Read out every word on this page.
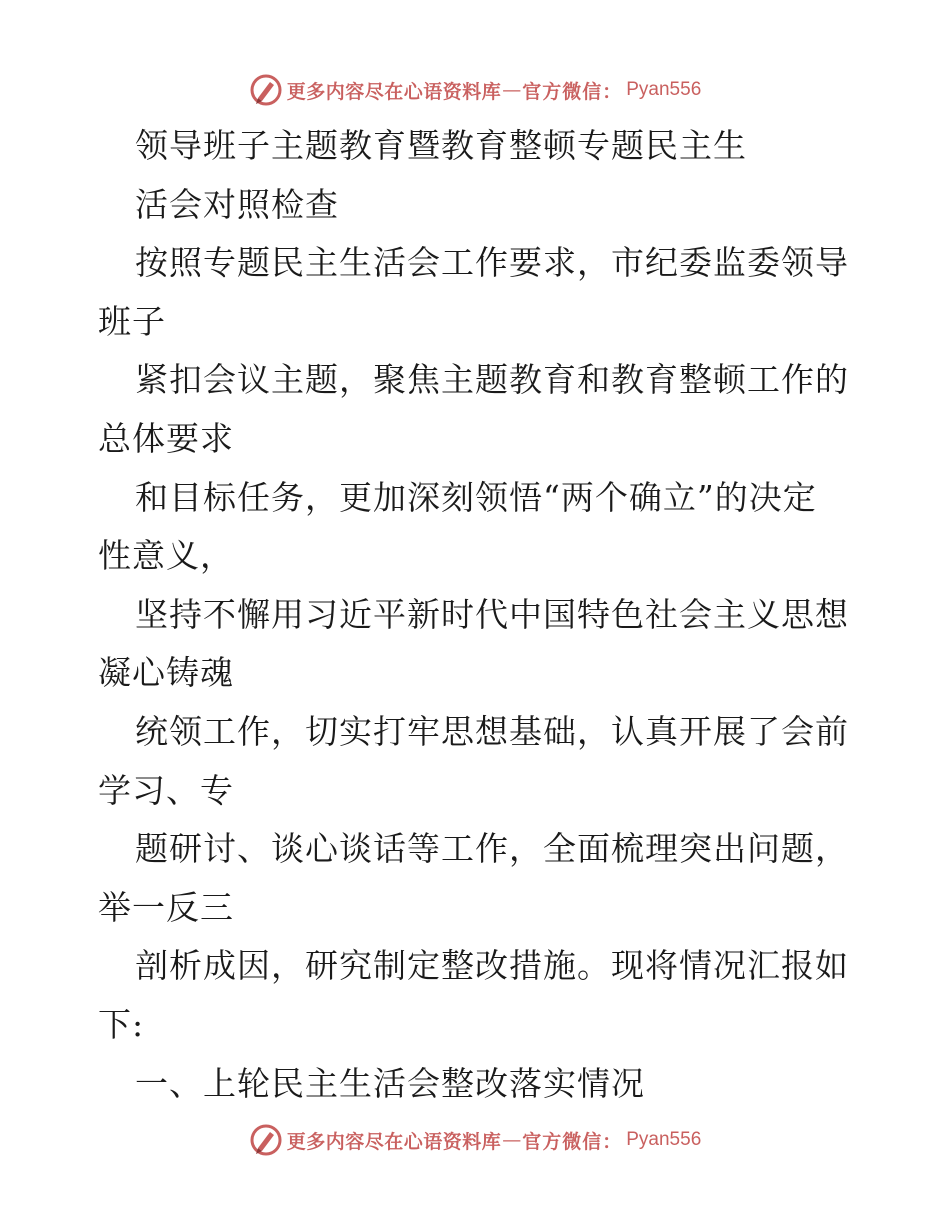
更多内容尽在心语资料库 — 官方微信： Pyan556
领导班子主题教育暨教育整顿专题民主生
活会对照检查
按照专题民主生活会工作要求，市纪委监委领导
班子
紧扣会议主题，聚焦主题教育和教育整顿工作的
总体要求
和目标任务，更加深刻领悟“两个确立”的决定
性意义，
坚持不懈用习近平新时代中国特色社会主义思想
凝心铸魂
统领工作，切实打牢思想基础，认真开展了会前
学习、专
题研讨、谈心谈话等工作，全面梳理突出问题，
举一反三
剖析成因，研究制定整改措施。现将情况汇报如
下:
一、上轮民主生活会整改落实情况
更多内容尽在心语资料库 — 官方微信： Pyan556
